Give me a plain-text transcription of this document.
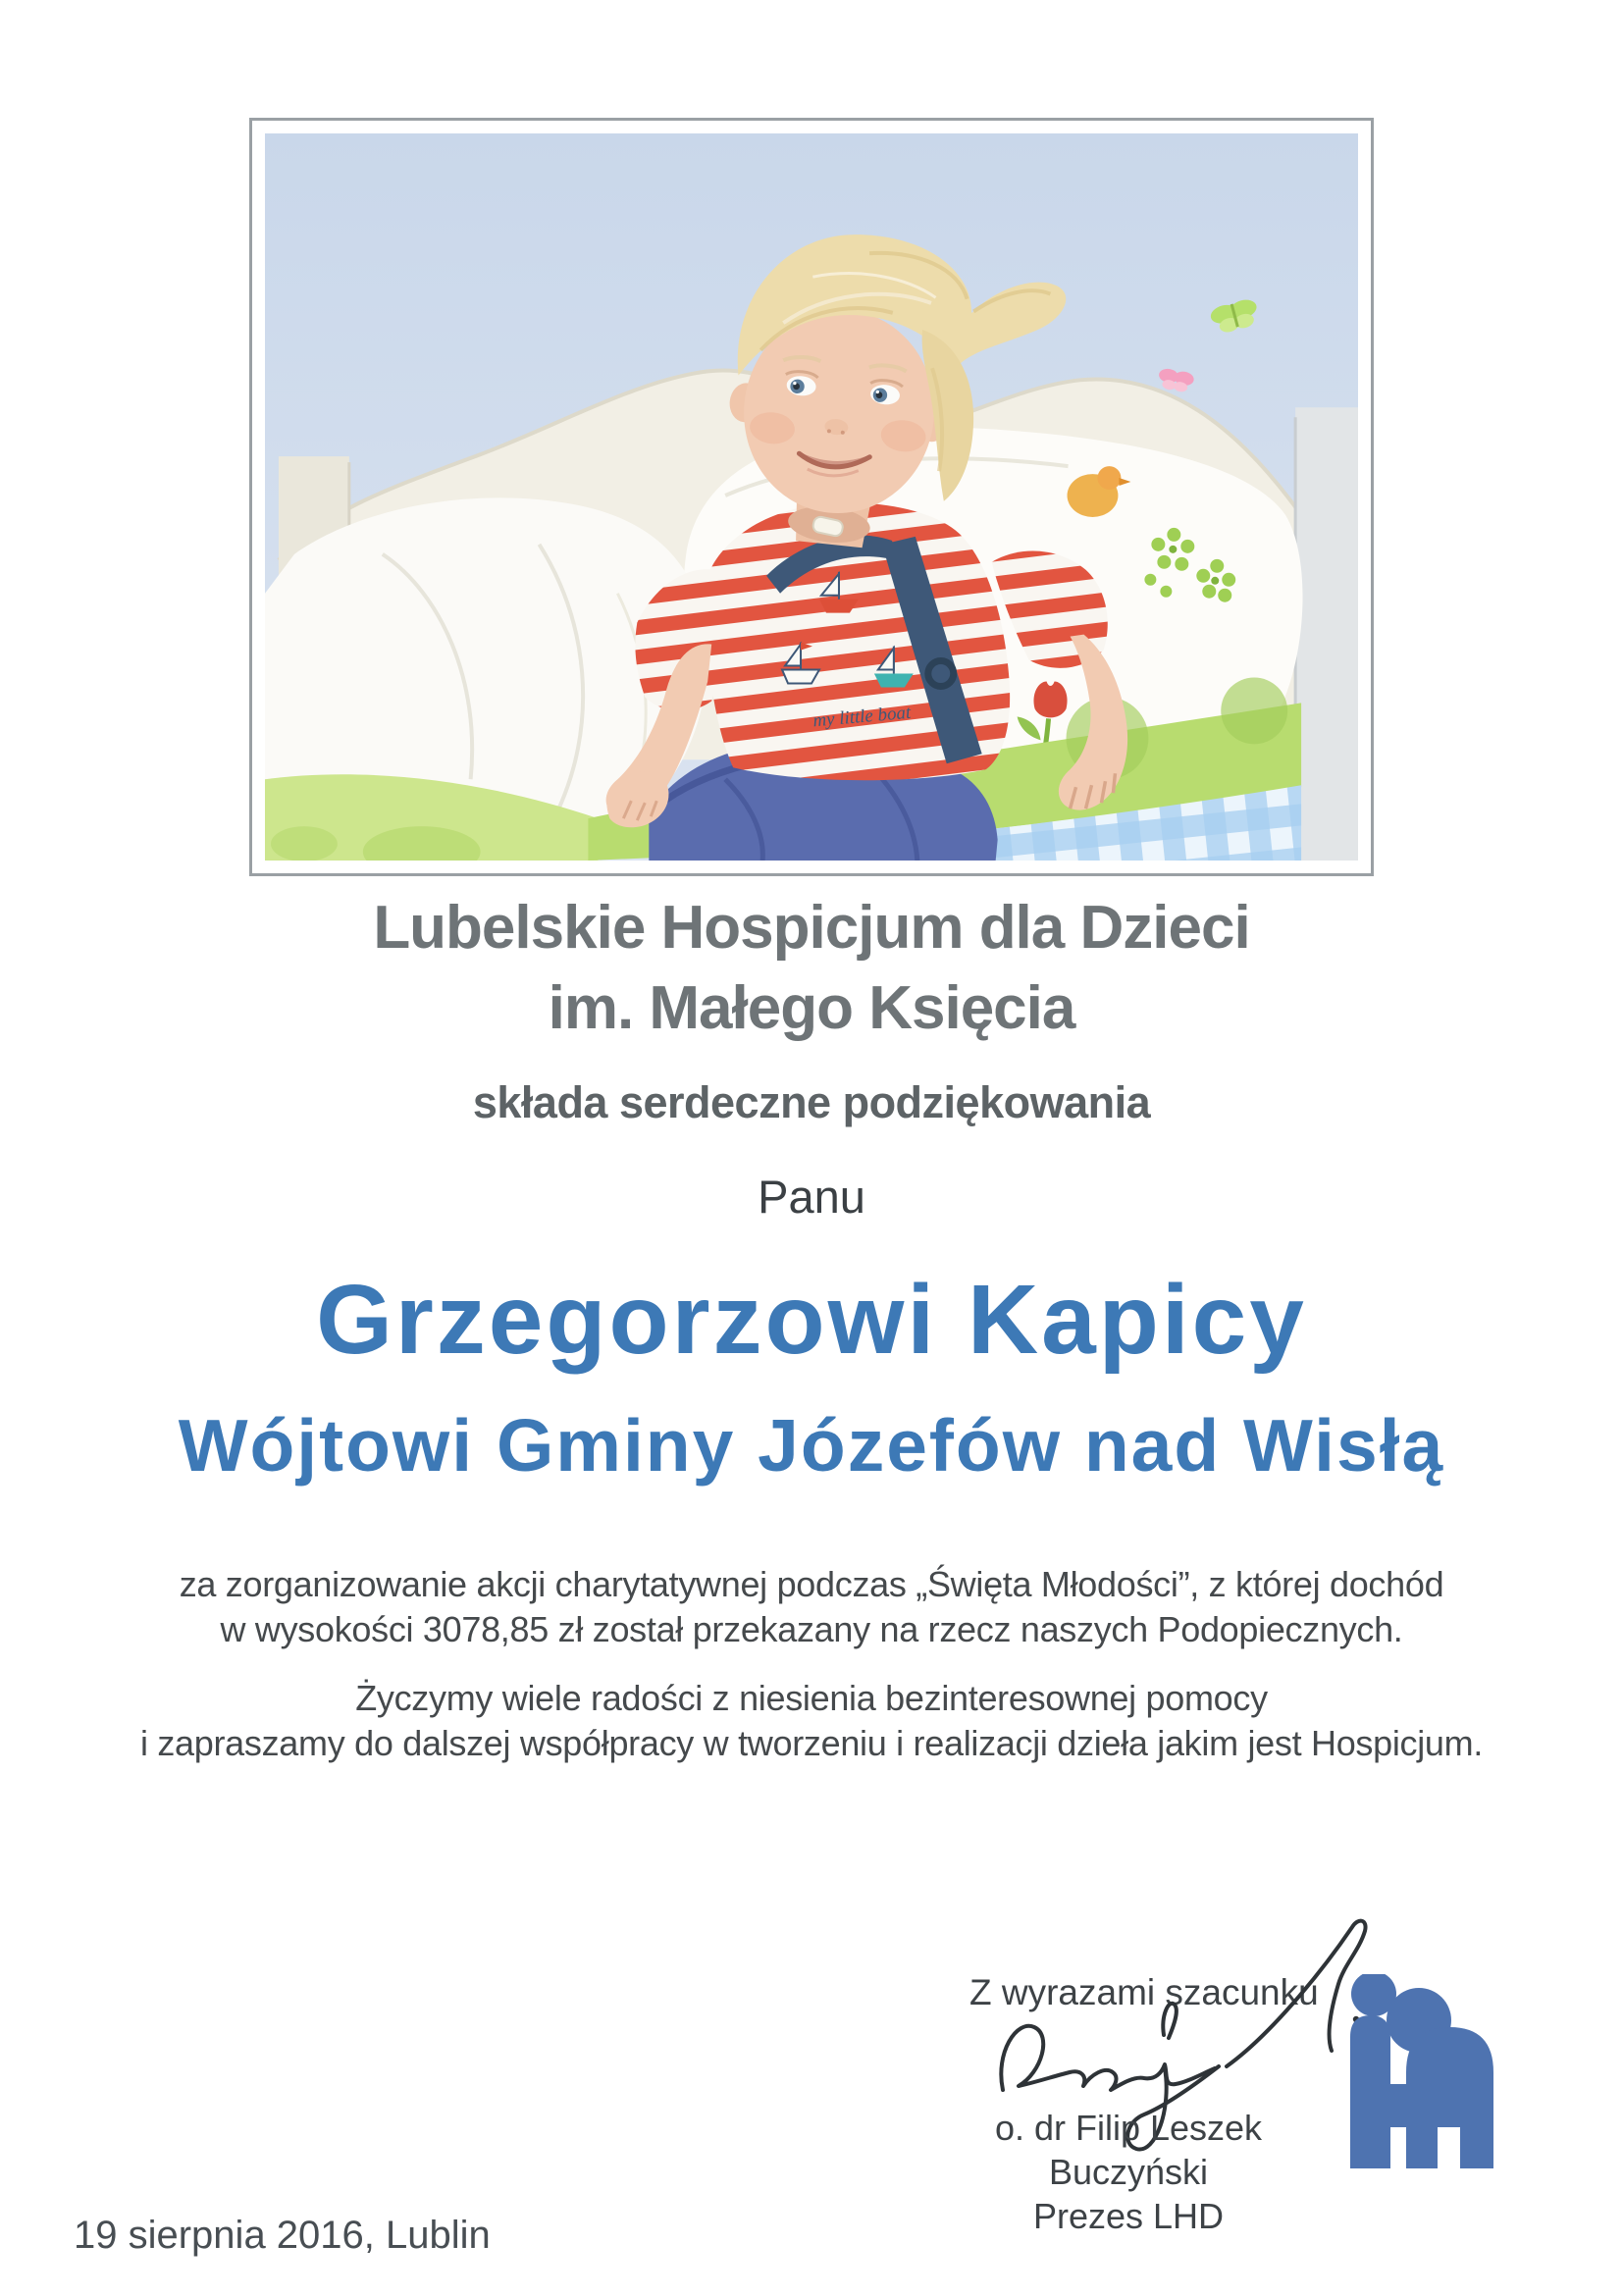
my little boat
Lubelskie Hospicjum dla Dzieci
im. Małego Księcia
składa serdeczne podziękowania
Panu
Grzegorzowi Kapicy
Wójtowi Gminy Józefów nad Wisłą

za zorganizowanie akcji charytatywnej podczas „Święta Młodości”, z której dochód
w wysokości 3078,85 zł został przekazany na rzecz naszych Podopiecznych.

Życzymy wiele radości z niesienia bezinteresownej pomocy
i zapraszamy do dalszej współpracy w tworzeniu i realizacji dzieła jakim jest Hospicjum.

Z wyrazami szacunku
o. dr Filip Leszek Buczyński
Prezes LHD
19 sierpnia 2016, Lublin
